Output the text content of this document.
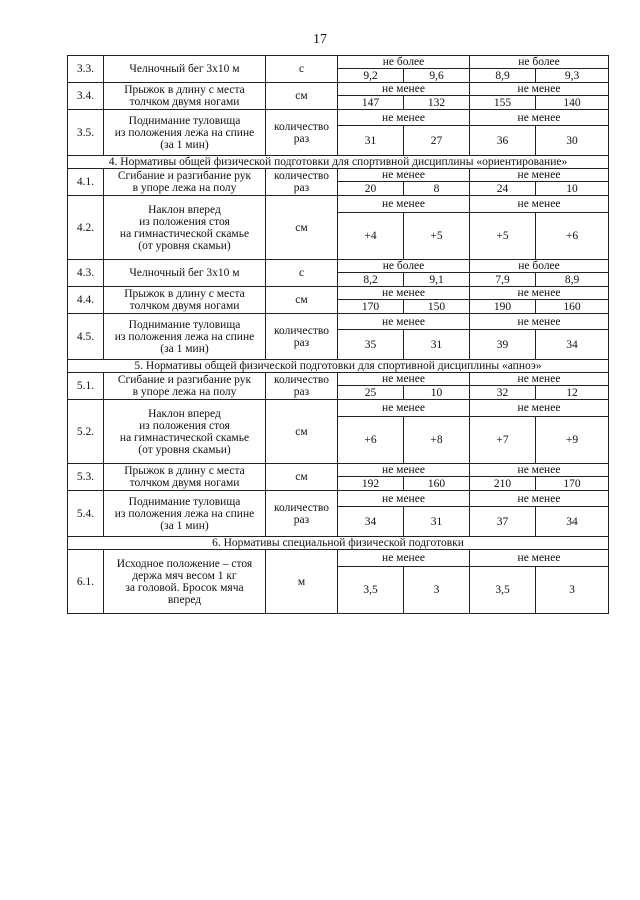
17
3.3.	Челночный бег 3х10 м	с	не более		не более	
			9,2	9,6	8,9	9,3
3.4.	Прыжок в длину с места
толчком двумя ногами	см	не менее		не менее	
			147	132	155	140
3.5.	Поднимание туловища
из положения лежа на спине
(за 1 мин)	количество
раз	не менее		не менее	
			31	27	36	30
4. Нормативы общей физической подготовки для спортивной дисциплины «ориентирование»						
4.1.	Сгибание и разгибание рук
в упоре лежа на полу	количество
раз	не менее		не менее	
			20	8	24	10
4.2.	Наклон вперед
из положения стоя
на гимнастической скамье
(от уровня скамьи)	см	не менее		не менее	
			+4	+5	+5	+6
4.3.	Челночный бег 3х10 м	с	не более		не более	
			8,2	9,1	7,9	8,9
4.4.	Прыжок в длину с места
толчком двумя ногами	см	не менее		не менее	
			170	150	190	160
4.5.	Поднимание туловища
из положения лежа на спине
(за 1 мин)	количество
раз	не менее		не менее	
			35	31	39	34
5. Нормативы общей физической подготовки для спортивной дисциплины «апноэ»						
5.1.	Сгибание и разгибание рук
в упоре лежа на полу	количество
раз	не менее		не менее	
			25	10	32	12
5.2.	Наклон вперед
из положения стоя
на гимнастической скамье
(от уровня скамьи)	см	не менее		не менее	
			+6	+8	+7	+9
5.3.	Прыжок в длину с места
толчком двумя ногами	см	не менее		не менее	
			192	160	210	170
5.4.	Поднимание туловища
из положения лежа на спине
(за 1 мин)	количество
раз	не менее		не менее	
			34	31	37	34
6. Нормативы специальной физической подготовки						
6.1.	Исходное положение – стоя
держа мяч весом 1 кг
за головой. Бросок мяча
вперед	м	не менее		не менее	
			3,5	3	3,5	3
